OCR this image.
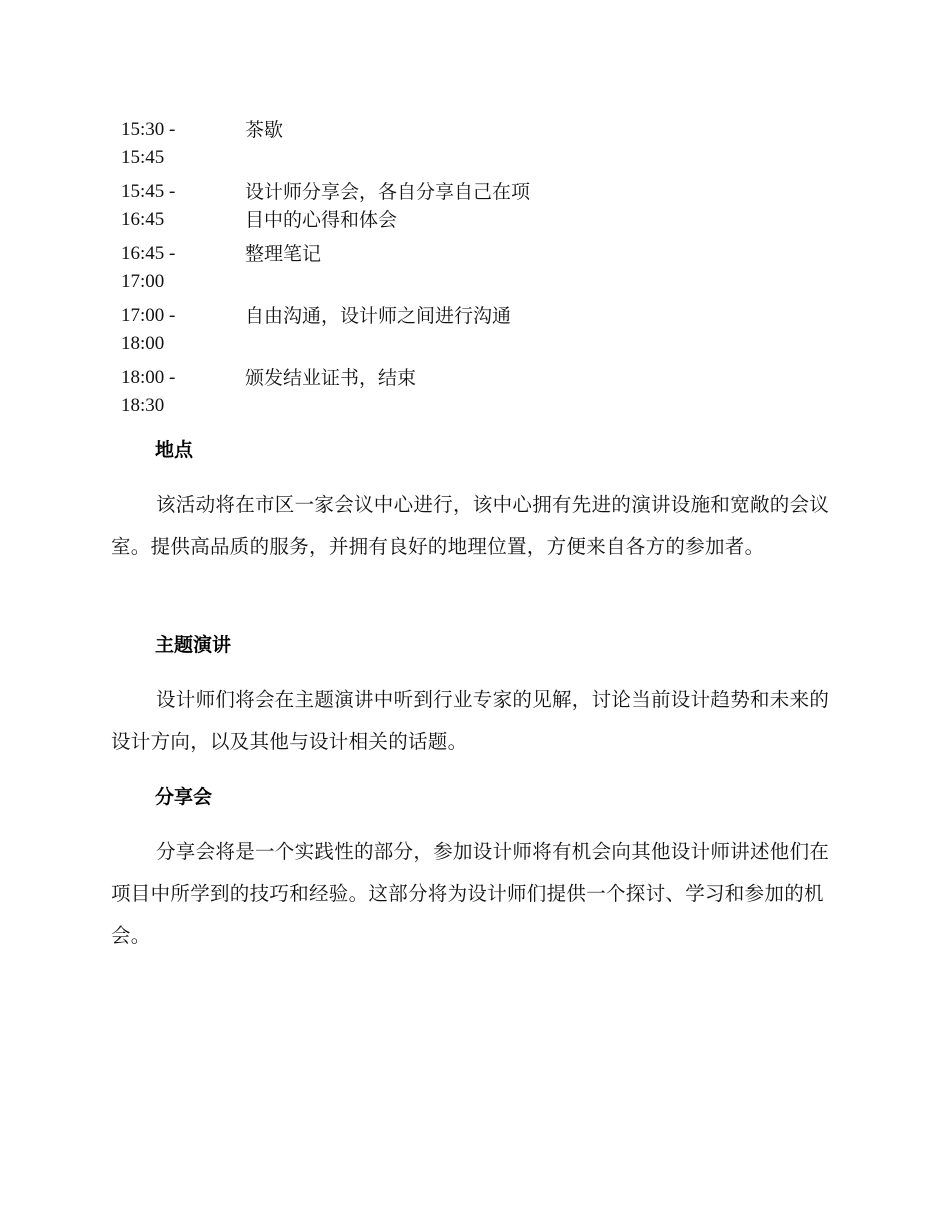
15:30 -
15:45
茶歇
15:45 -
16:45
设计师分享会，各自分享自己在项目中的心得和体会
16:45 -
17:00
整理笔记
17:00 -
18:00
自由沟通，设计师之间进行沟通
18:00 -
18:30
颁发结业证书，结束
地点

该活动将在市区一家会议中心进行，该中心拥有先进的演讲设施和宽敞的会议室。提供高品质的服务，并拥有良好的地理位置，方便来自各方的参加者。

主题演讲

设计师们将会在主题演讲中听到行业专家的见解，讨论当前设计趋势和未来的设计方向，以及其他与设计相关的话题。

分享会

分享会将是一个实践性的部分，参加设计师将有机会向其他设计师讲述他们在项目中所学到的技巧和经验。这部分将为设计师们提供一个探讨、学习和参加的机会。
